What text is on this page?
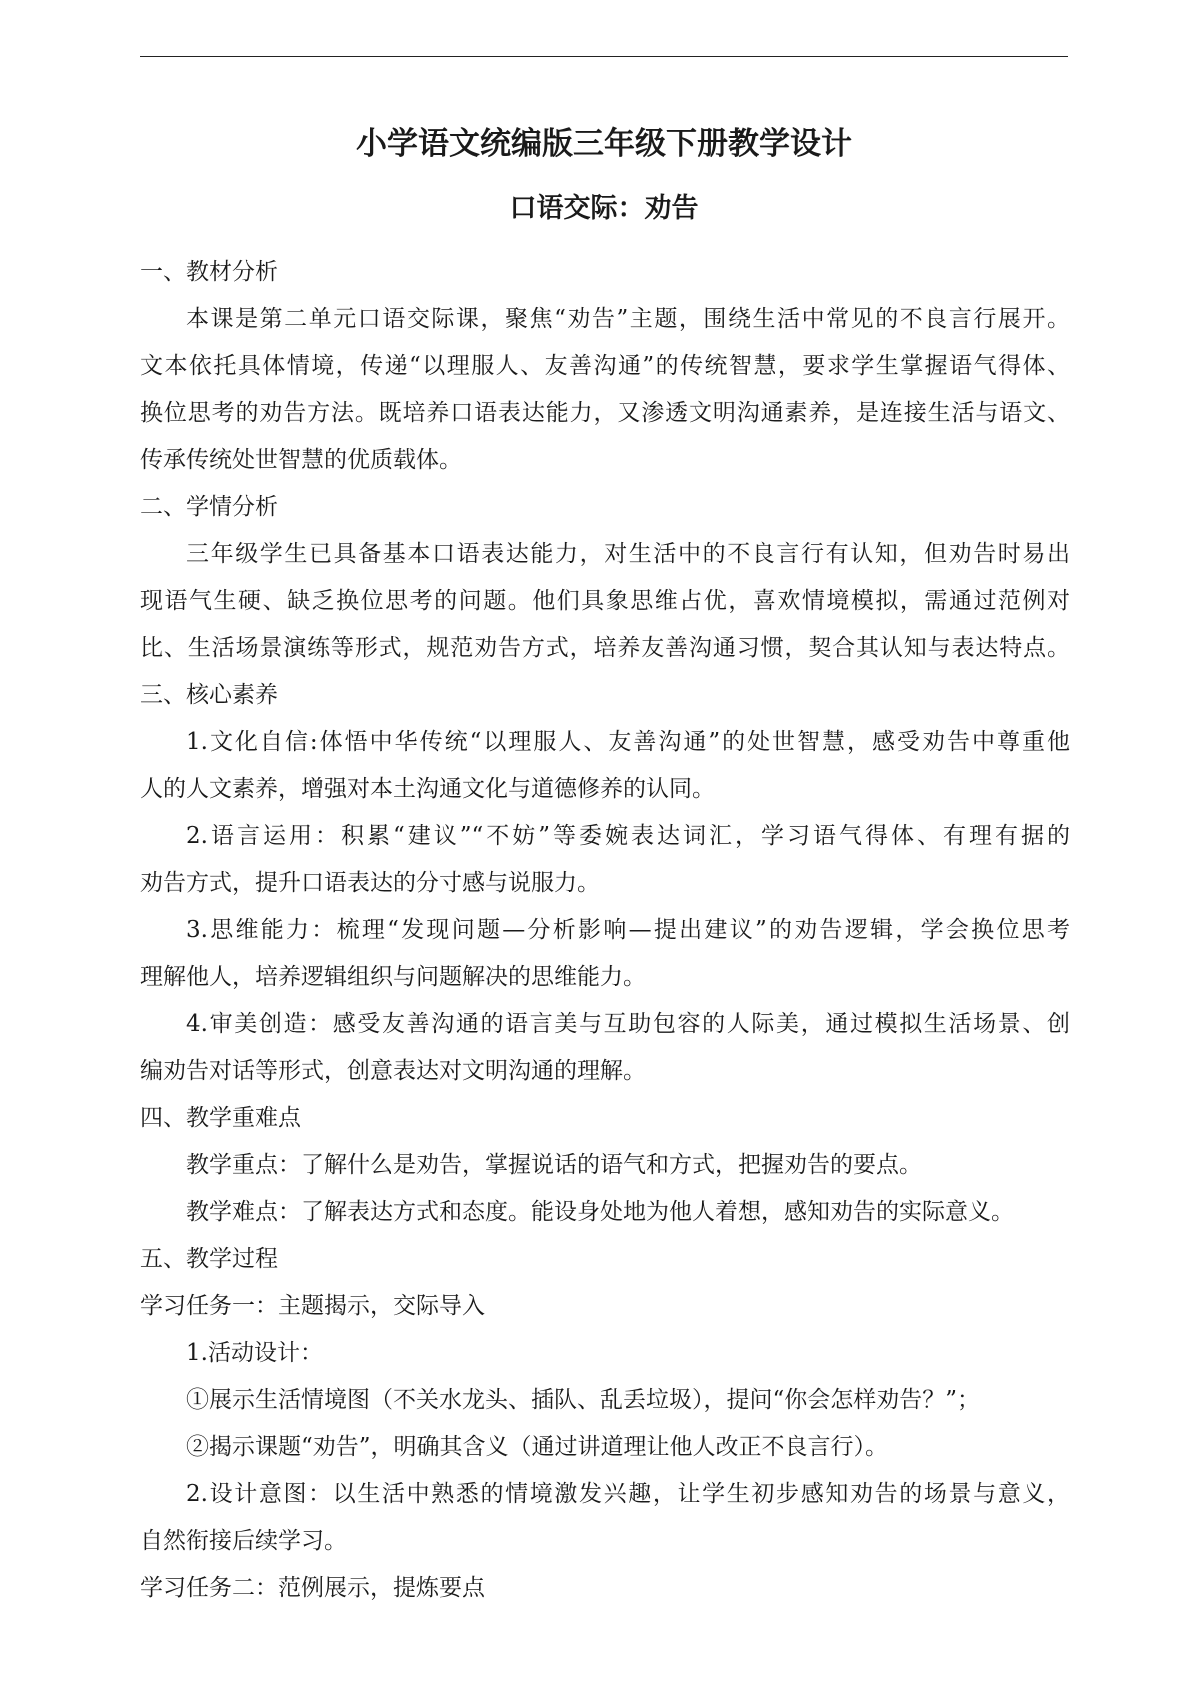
小学语文统编版三年级下册教学设计
口语交际：劝告
一、教材分析
本课是第二单元口语交际课，聚焦“劝告”主题，围绕生活中常见的不良言行展开。
文本依托具体情境，传递“以理服人、友善沟通”的传统智慧，要求学生掌握语气得体、
换位思考的劝告方法。既培养口语表达能力，又渗透文明沟通素养，是连接生活与语文、
传承传统处世智慧的优质载体。
二、学情分析
三年级学生已具备基本口语表达能力，对生活中的不良言行有认知，但劝告时易出
现语气生硬、缺乏换位思考的问题。他们具象思维占优，喜欢情境模拟，需通过范例对
比、生活场景演练等形式，规范劝告方式，培养友善沟通习惯，契合其认知与表达特点。
三、核心素养
1.文化自信:体悟中华传统“以理服人、友善沟通”的处世智慧，感受劝告中尊重他
人的人文素养，增强对本土沟通文化与道德修养的认同。
2.语言运用：积累“建议”“不妨”等委婉表达词汇，学习语气得体、有理有据的
劝告方式，提升口语表达的分寸感与说服力。
3.思维能力：梳理“发现问题—分析影响—提出建议”的劝告逻辑，学会换位思考
理解他人，培养逻辑组织与问题解决的思维能力。
4.审美创造：感受友善沟通的语言美与互助包容的人际美，通过模拟生活场景、创
编劝告对话等形式，创意表达对文明沟通的理解。
四、教学重难点
教学重点：了解什么是劝告，掌握说话的语气和方式，把握劝告的要点。
教学难点：了解表达方式和态度。能设身处地为他人着想，感知劝告的实际意义。
五、教学过程
学习任务一：主题揭示，交际导入
1.活动设计：
①展示生活情境图（不关水龙头、插队、乱丢垃圾），提问“你会怎样劝告？”；
②揭示课题“劝告”，明确其含义（通过讲道理让他人改正不良言行）。
2.设计意图：以生活中熟悉的情境激发兴趣，让学生初步感知劝告的场景与意义，
自然衔接后续学习。
学习任务二：范例展示，提炼要点
